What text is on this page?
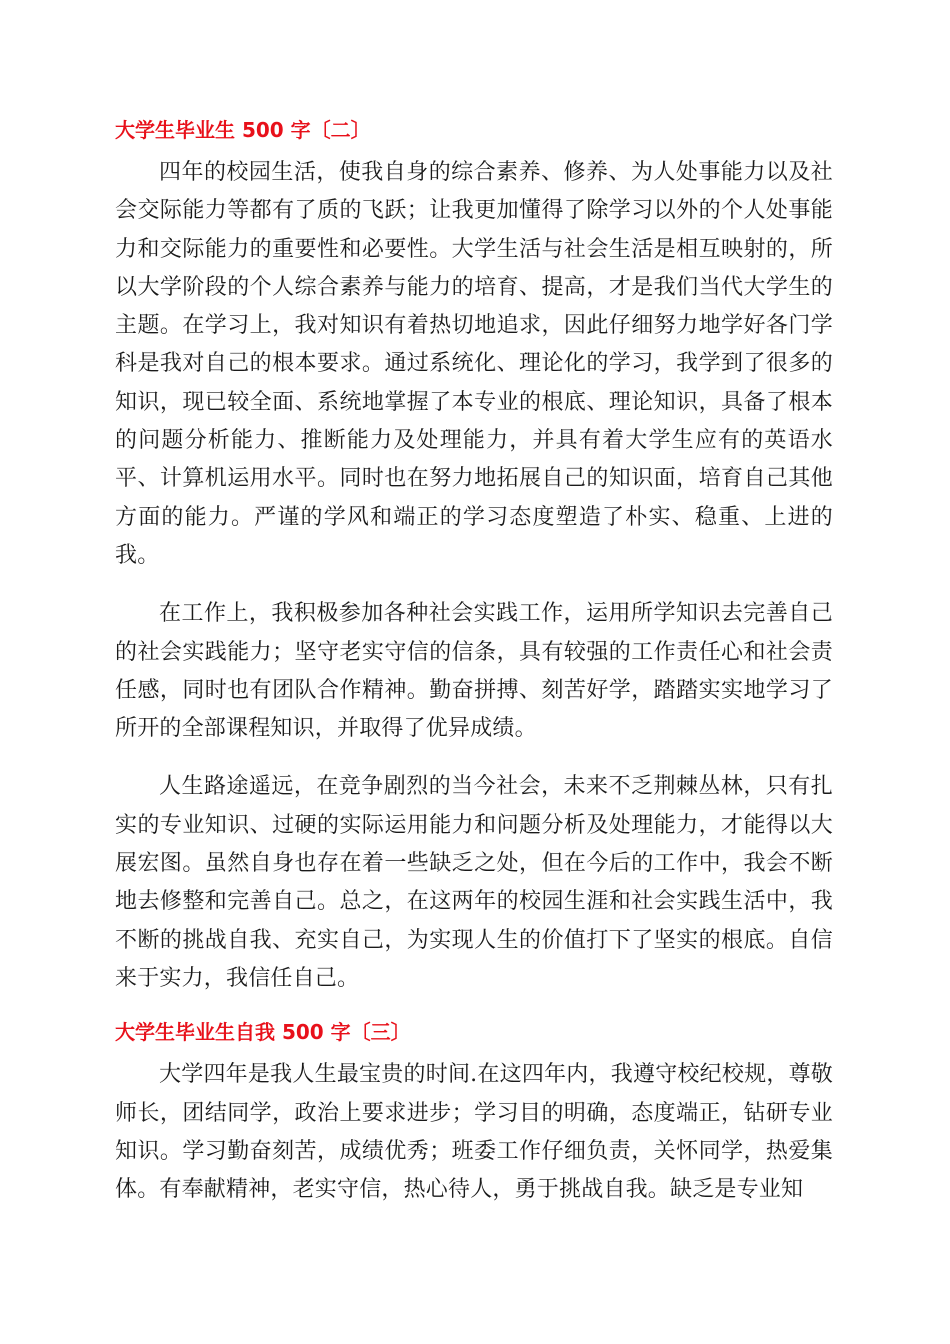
大学生毕业生 500 字〔二〕

四年的校园生活，使我自身的综合素养、修养、为人处事能力以及社会交际能力等都有了质的飞跃；让我更加懂得了除学习以外的个人处事能力和交际能力的重要性和必要性。大学生活与社会生活是相互映射的，所以大学阶段的个人综合素养与能力的培育、提高，才是我们当代大学生的主题。在学习上，我对知识有着热切地追求，因此仔细努力地学好各门学科是我对自己的根本要求。通过系统化、理论化的学习，我学到了很多的知识，现已较全面、系统地掌握了本专业的根底、理论知识，具备了根本的问题分析能力、推断能力及处理能力，并具有着大学生应有的英语水平、计算机运用水平。同时也在努力地拓展自己的知识面，培育自己其他方面的能力。严谨的学风和端正的学习态度塑造了朴实、稳重、上进的我。

在工作上，我积极参加各种社会实践工作，运用所学知识去完善自己的社会实践能力；坚守老实守信的信条，具有较强的工作责任心和社会责任感，同时也有团队合作精神。勤奋拼搏、刻苦好学，踏踏实实地学习了所开的全部课程知识，并取得了优异成绩。

人生路途遥远，在竞争剧烈的当今社会，未来不乏荆棘丛林，只有扎实的专业知识、过硬的实际运用能力和问题分析及处理能力，才能得以大展宏图。虽然自身也存在着一些缺乏之处，但在今后的工作中，我会不断地去修整和完善自己。总之，在这两年的校园生涯和社会实践生活中，我不断的挑战自我、充实自己，为实现人生的价值打下了坚实的根底。自信来于实力，我信任自己。

大学生毕业生自我 500 字〔三〕

大学四年是我人生最宝贵的时间.在这四年内，我遵守校纪校规，尊敬师长，团结同学，政治上要求进步；学习目的明确，态度端正，钻研专业知识。学习勤奋刻苦，成绩优秀；班委工作仔细负责，关怀同学，热爱集体。有奉献精神，老实守信，热心待人，勇于挑战自我。缺乏是专业知
